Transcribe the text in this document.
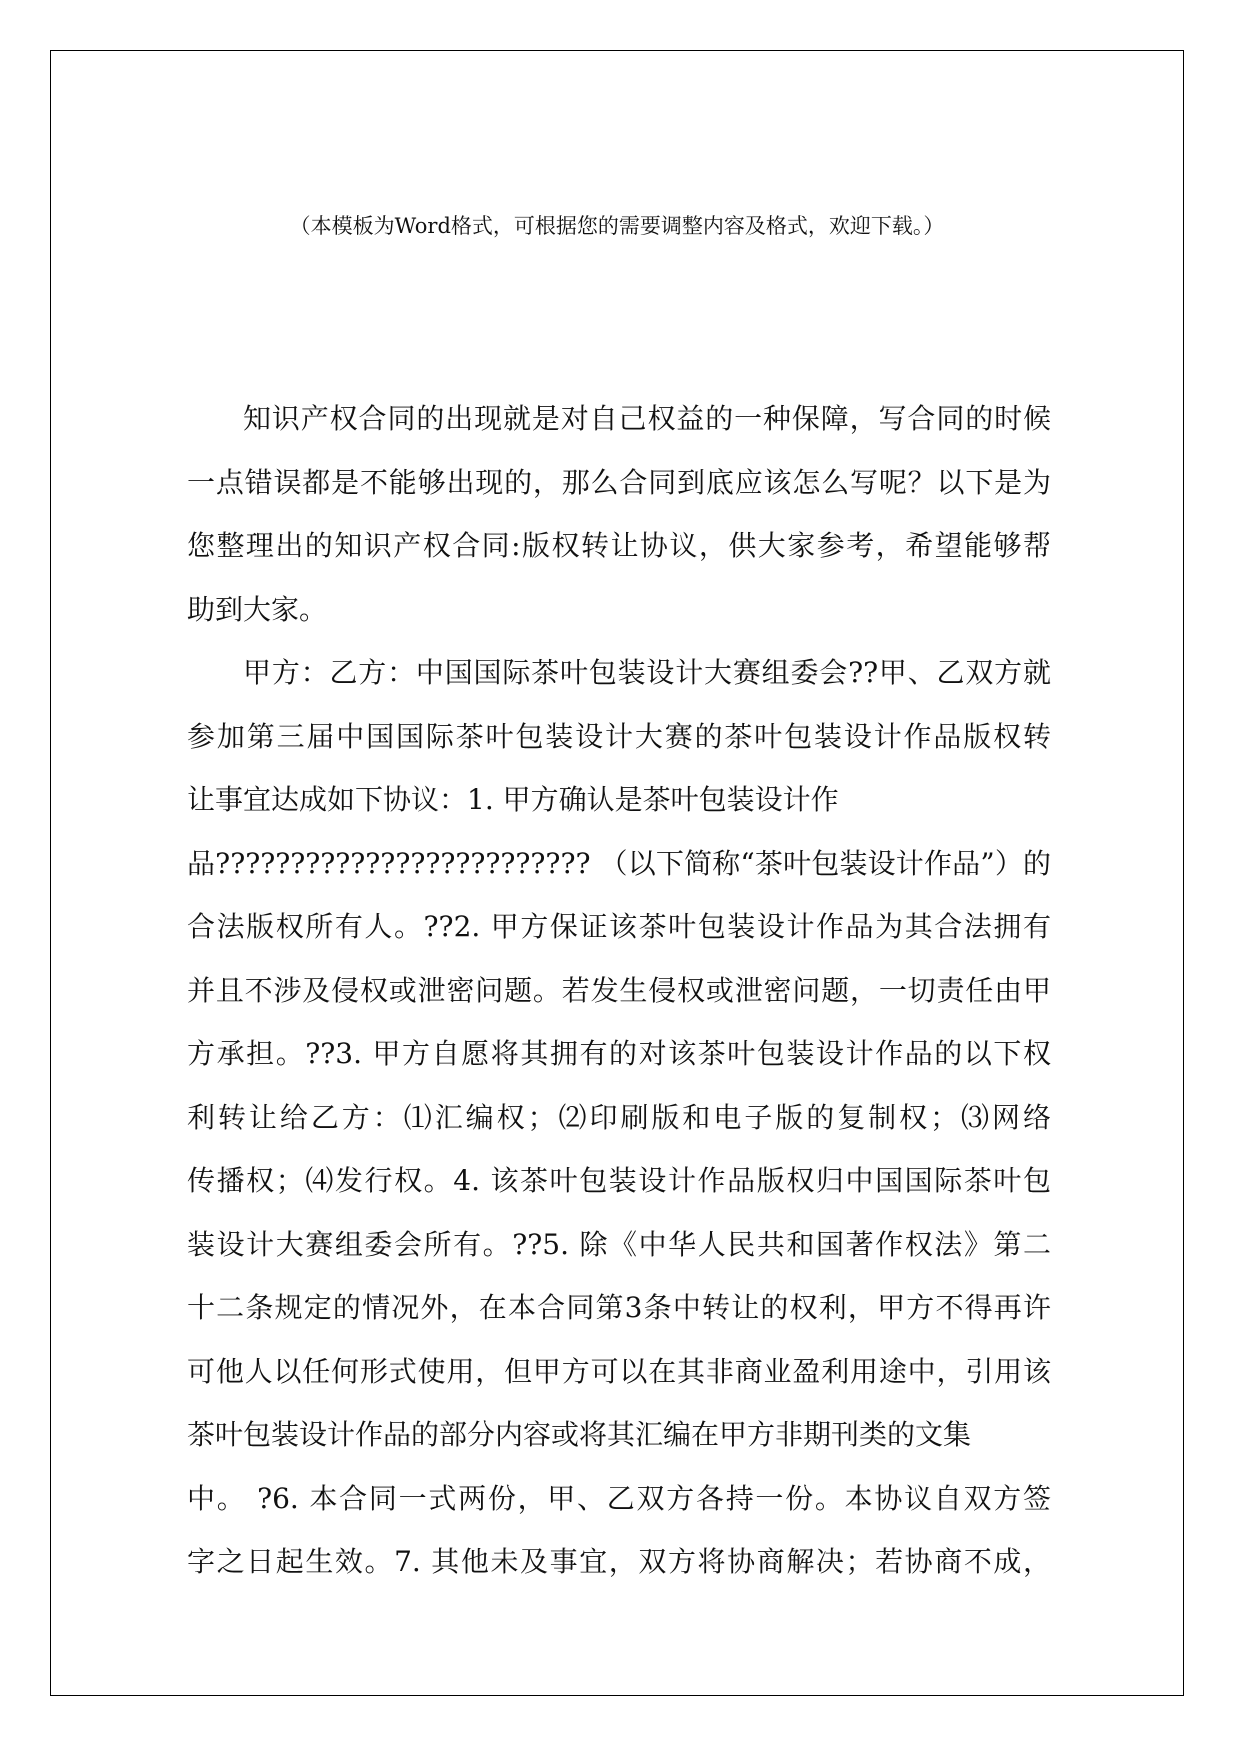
（本模板为Word格式，可根据您的需要调整内容及格式，欢迎下载。）
知识产权合同的出现就是对自己权益的一种保障，写合同的时候
一点错误都是不能够出现的，那么合同到底应该怎么写呢？以下是为
您整理出的知识产权合同:版权转让协议，供大家参考，希望能够帮
助到大家。
甲方：乙方：中国国际茶叶包装设计大赛组委会??甲、乙双方就
参加第三届中国国际茶叶包装设计大赛的茶叶包装设计作品版权转
让事宜达成如下协议：1. 甲方确认是茶叶包装设计作
品????????????????????????? （以下简称“茶叶包装设计作品”）的
合法版权所有人。??2. 甲方保证该茶叶包装设计作品为其合法拥有
并且不涉及侵权或泄密问题。若发生侵权或泄密问题，一切责任由甲
方承担。??3. 甲方自愿将其拥有的对该茶叶包装设计作品的以下权
利转让给乙方：⑴汇编权；⑵印刷版和电子版的复制权；⑶网络
传播权；⑷发行权。4. 该茶叶包装设计作品版权归中国国际茶叶包
装设计大赛组委会所有。??5. 除《中华人民共和国著作权法》第二
十二条规定的情况外，在本合同第3条中转让的权利，甲方不得再许
可他人以任何形式使用，但甲方可以在其非商业盈利用途中，引用该
茶叶包装设计作品的部分内容或将其汇编在甲方非期刊类的文集
中。 ?6. 本合同一式两份，甲、乙双方各持一份。本协议自双方签
字之日起生效。7. 其他未及事宜，双方将协商解决；若协商不成，
